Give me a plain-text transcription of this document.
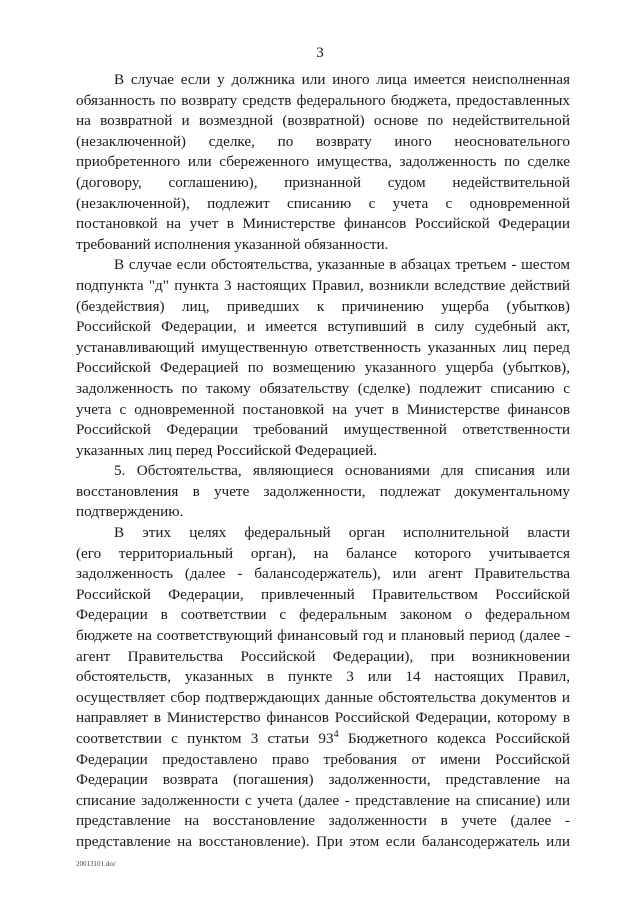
3

В случае если у должника или иного лица имеется неисполненная
обязанность по возврату средств федерального бюджета, предоставленных
на возвратной и возмездной (возвратной) основе по недействительной
(незаключенной) сделке, по возврату иного неосновательного
приобретенного или сбереженного имущества, задолженность по сделке
(договору, соглашению), признанной судом недействительной
(незаключенной), подлежит списанию с учета с одновременной
постановкой на учет в Министерстве финансов Российской Федерации
требований исполнения указанной обязанности.

В случае если обстоятельства, указанные в абзацах третьем - шестом
подпункта "д" пункта 3 настоящих Правил, возникли вследствие действий
(бездействия) лиц, приведших к причинению ущерба (убытков)
Российской Федерации, и имеется вступивший в силу судебный акт,
устанавливающий имущественную ответственность указанных лиц перед
Российской Федерацией по возмещению указанного ущерба (убытков),
задолженность по такому обязательству (сделке) подлежит списанию с
учета с одновременной постановкой на учет в Министерстве финансов
Российской Федерации требований имущественной ответственности
указанных лиц перед Российской Федерацией.

5. Обстоятельства, являющиеся основаниями для списания или
восстановления в учете задолженности, подлежат документальному
подтверждению.

В этих целях федеральный орган исполнительной власти
(его территориальный орган), на балансе которого учитывается
задолженность (далее - балансодержатель), или агент Правительства
Российской Федерации, привлеченный Правительством Российской
Федерации в соответствии с федеральным законом о федеральном
бюджете на соответствующий финансовый год и плановый период (далее -
агент Правительства Российской Федерации), при возникновении
обстоятельств, указанных в пункте 3 или 14 настоящих Правил,
осуществляет сбор подтверждающих данные обстоятельства документов и
направляет в Министерство финансов Российской Федерации, которому в
соответствии с пунктом 3 статьи $93^4$ Бюджетного кодекса Российской
Федерации предоставлено право требования от имени Российской
Федерации возврата (погашения) задолженности, представление на
списание задолженности с учета (далее - представление на списание) или
представление на восстановление задолженности в учете (далее -
представление на восстановление). При этом если балансодержатель или

20013101.doc
